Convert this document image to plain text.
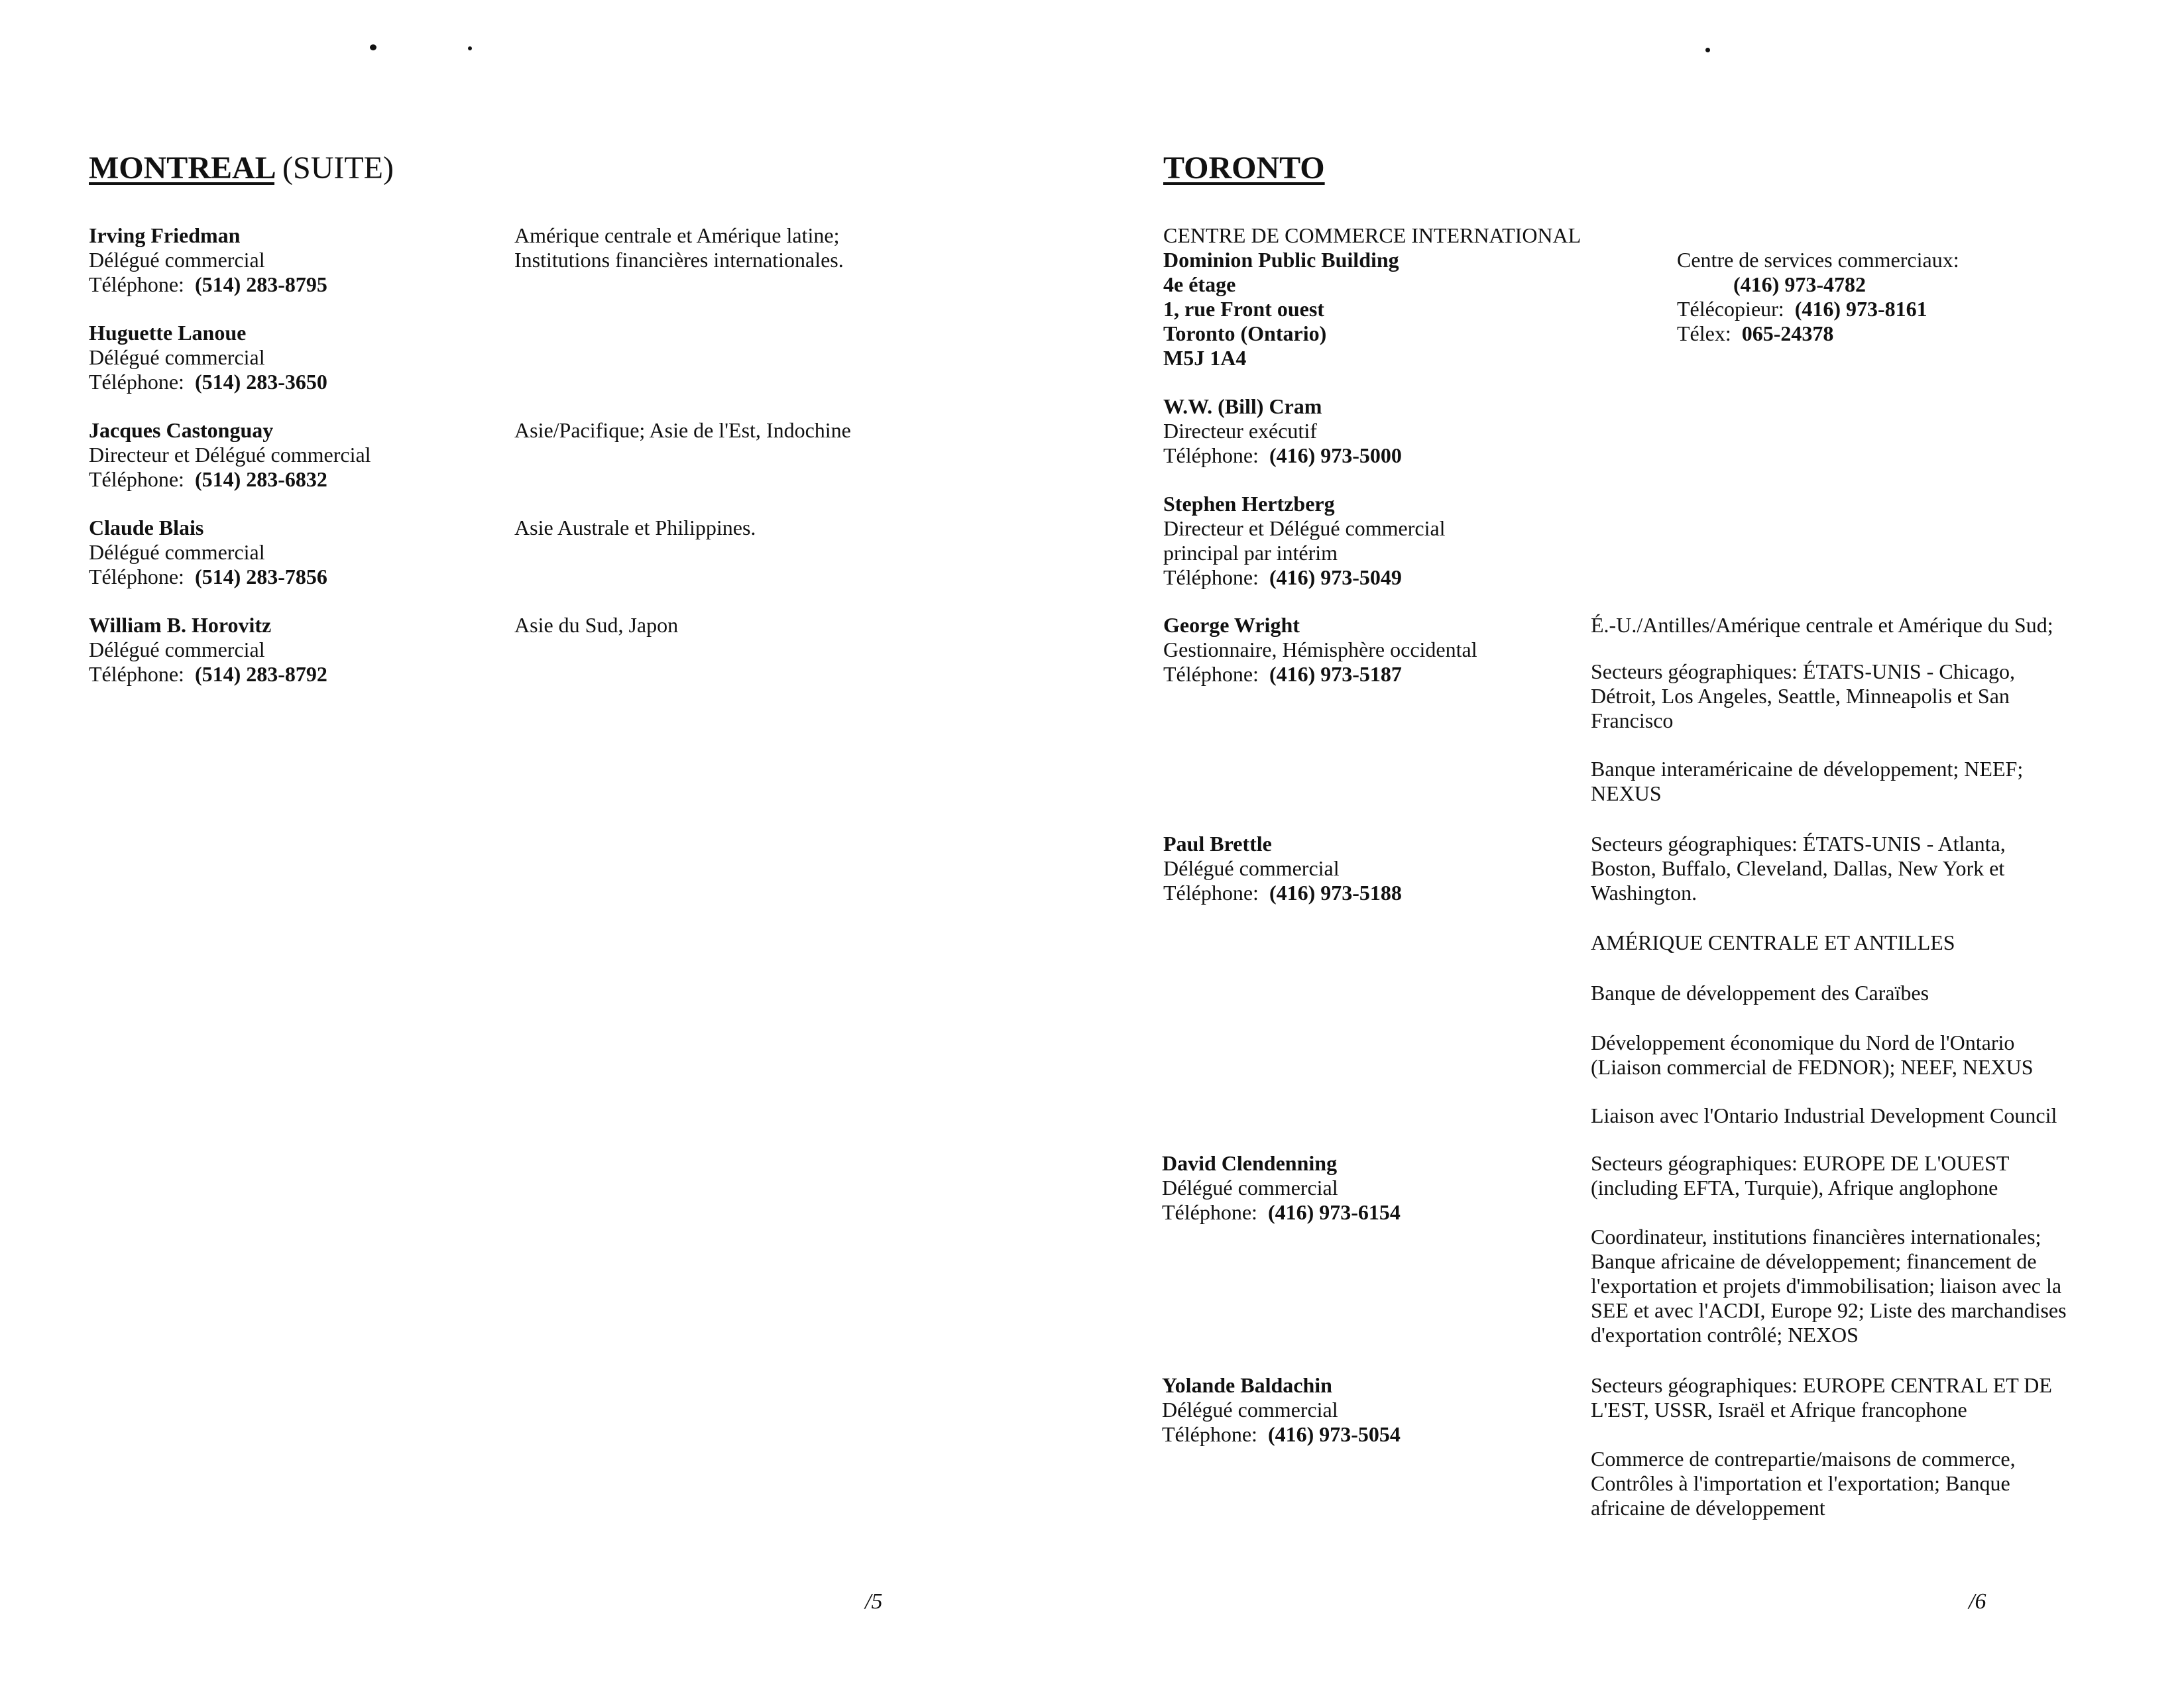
MONTREAL (SUITE)
Irving Friedman
Délégué commercial
Téléphone: (514) 283-8795
Amérique centrale et Amérique latine;
Institutions financières internationales.
Huguette Lanoue
Délégué commercial
Téléphone: (514) 283-3650
Jacques Castonguay
Directeur et Délégué commercial
Téléphone: (514) 283-6832
Asie/Pacifique; Asie de l'Est, Indochine
Claude Blais
Délégué commercial
Téléphone: (514) 283-7856
Asie Australe et Philippines.
William B. Horovitz
Délégué commercial
Téléphone: (514) 283-8792
Asie du Sud, Japon
/5
TORONTO
CENTRE DE COMMERCE INTERNATIONAL
Dominion Public Building
4e étage
1, rue Front ouest
Toronto (Ontario)
M5J 1A4
Centre de services commerciaux:
(416) 973-4782
Télécopieur: (416) 973-8161
Télex: 065-24378
W.W. (Bill) Cram
Directeur exécutif
Téléphone: (416) 973-5000
Stephen Hertzberg
Directeur et Délégué commercial
principal par intérim
Téléphone: (416) 973-5049
George Wright
Gestionnaire, Hémisphère occidental
Téléphone: (416) 973-5187
Paul Brettle
Délégué commercial
Téléphone: (416) 973-5188
David Clendenning
Délégué commercial
Téléphone: (416) 973-6154
Yolande Baldachin
Délégué commercial
Téléphone: (416) 973-5054
É.-U./Antilles/Amérique centrale et Amérique du Sud;
Secteurs géographiques: ÉTATS-UNIS - Chicago,
Détroit, Los Angeles, Seattle, Minneapolis et San
Francisco
Banque interaméricaine de développement; NEEF;
NEXUS
Secteurs géographiques: ÉTATS-UNIS - Atlanta,
Boston, Buffalo, Cleveland, Dallas, New York et
Washington.
AMÉRIQUE CENTRALE ET ANTILLES
Banque de développement des Caraïbes
Développement économique du Nord de l'Ontario
(Liaison commercial de FEDNOR); NEEF, NEXUS
Liaison avec l'Ontario Industrial Development Council
Secteurs géographiques: EUROPE DE L'OUEST
(including EFTA, Turquie), Afrique anglophone
Coordinateur, institutions financières internationales;
Banque africaine de développement; financement de
l'exportation et projets d'immobilisation; liaison avec la
SEE et avec l'ACDI, Europe 92; Liste des marchandises
d'exportation contrôlé; NEXOS
Secteurs géographiques: EUROPE CENTRAL ET DE
L'EST, USSR, Israël et Afrique francophone
Commerce de contrepartie/maisons de commerce,
Contrôles à l'importation et l'exportation; Banque
africaine de développement
/6
